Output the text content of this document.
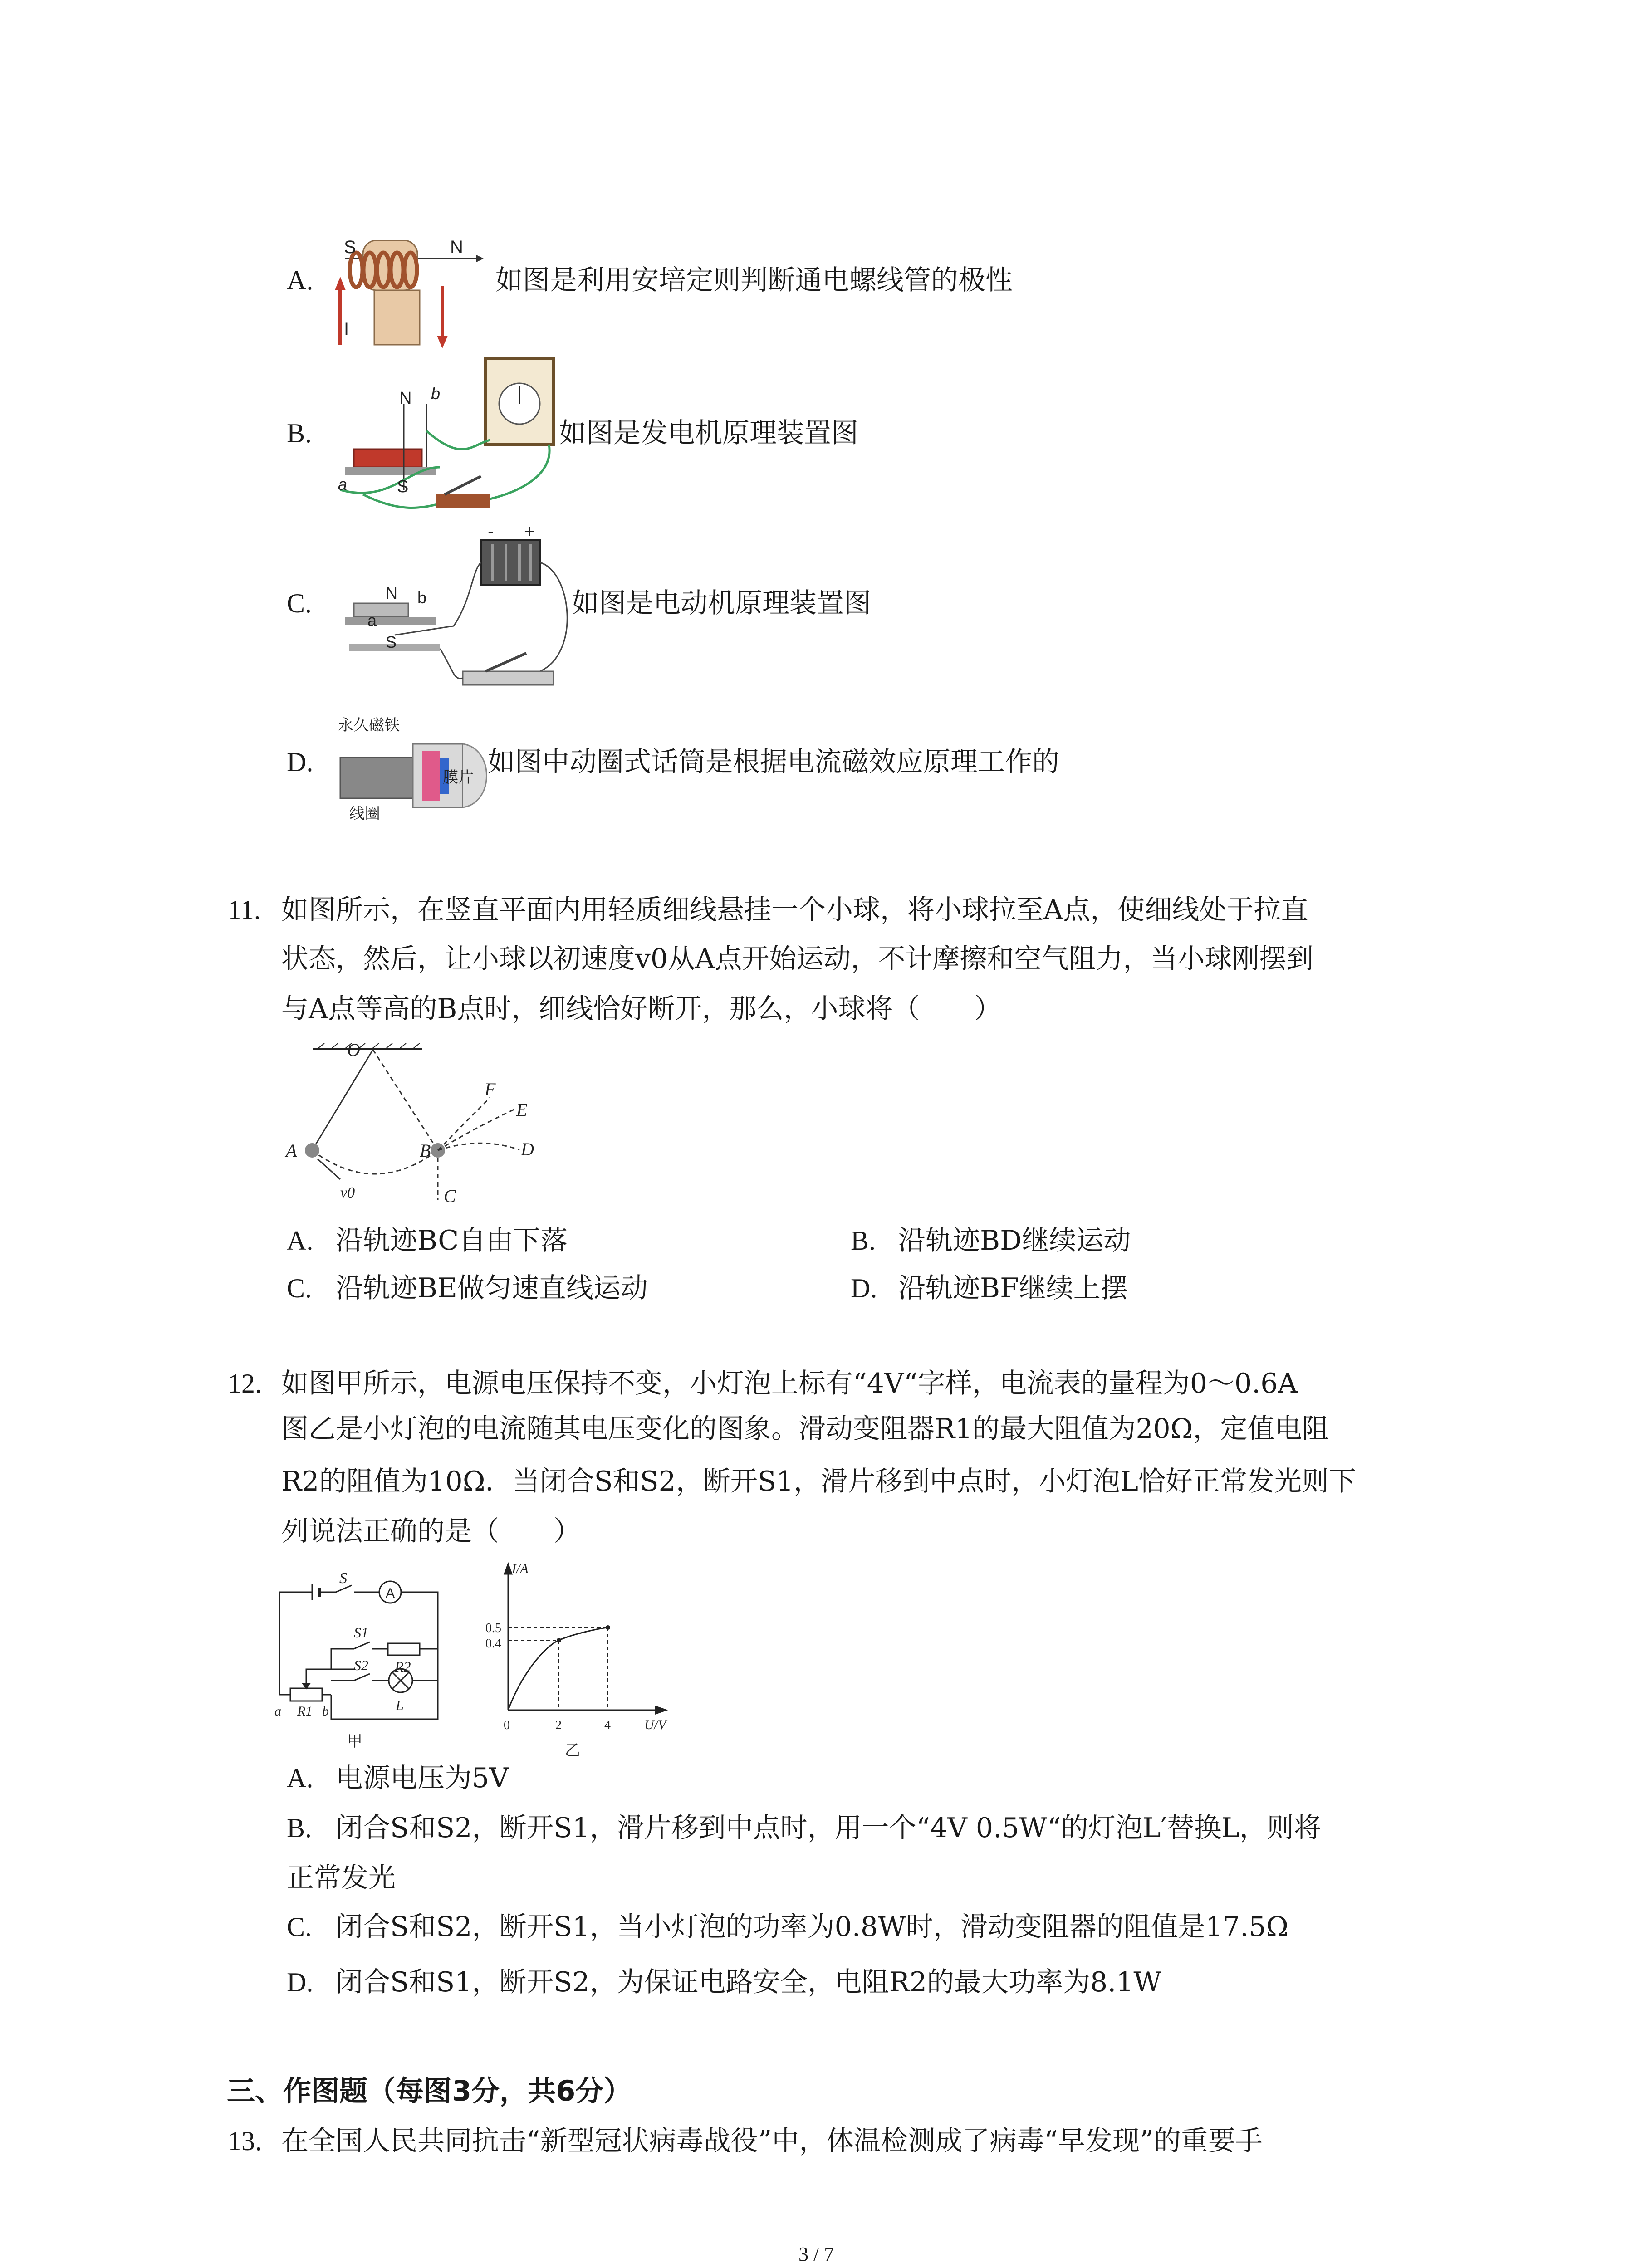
A.
S	N
I
如图是利用安培定则判断通电螺线管的极性
B.
N
S
a
b
如图是发电机原理装置图
C.	N
S
a
b
- +
如图是电动机原理装置图
D.
永久磁铁
膜片
线圈
如图中动圈式话筒是根据电流磁效应原理工作的
11. 如图所示，在竖直平面内用轻质细线悬挂一个小球，将小球拉至A点，使细线处于拉直
状态，然后，让小球以初速度v0从A点开始运动，不计摩擦和空气阻力，当小球刚摆到
与A点等高的B点时，细线恰好断开，那么，小球将（　　）
O
A	B
C
D
E
F
v0
A. 沿轨迹BC自由下落	B. 沿轨迹BD继续运动
C. 沿轨迹BE做匀速直线运动	D. 沿轨迹BF继续上摆
12. 如图甲所示，电源电压保持不变，小灯泡上标有“4V“字样，电流表的量程为0～0.6A
图乙是小灯泡的电流随其电压变化的图象。滑动变阻器R1的最大阻值为20Ω，定值电阻
R2的阻值为10Ω．当闭合S和S2，断开S1，滑片移到中点时，小灯泡L恰好正常发光则下
列说法正确的是（　　）
S
A
S1
R2
S2
L
a R1 b
甲
I/A
0.5
0.4
0	2	4 U/V
乙
A. 电源电压为5V
B. 闭合S和S2，断开S1，滑片移到中点时，用一个“4V 0.5W“的灯泡L′替换L，则将
正常发光
C. 闭合S和S2，断开S1，当小灯泡的功率为0.8W时，滑动变阻器的阻值是17.5Ω
D. 闭合S和S1，断开S2，为保证电路安全，电阻R2的最大功率为8.1W
三、作图题（每图3分，共6分）
13. 在全国人民共同抗击“新型冠状病毒战役”中，体温检测成了病毒“早发现”的重要手
3 / 7
